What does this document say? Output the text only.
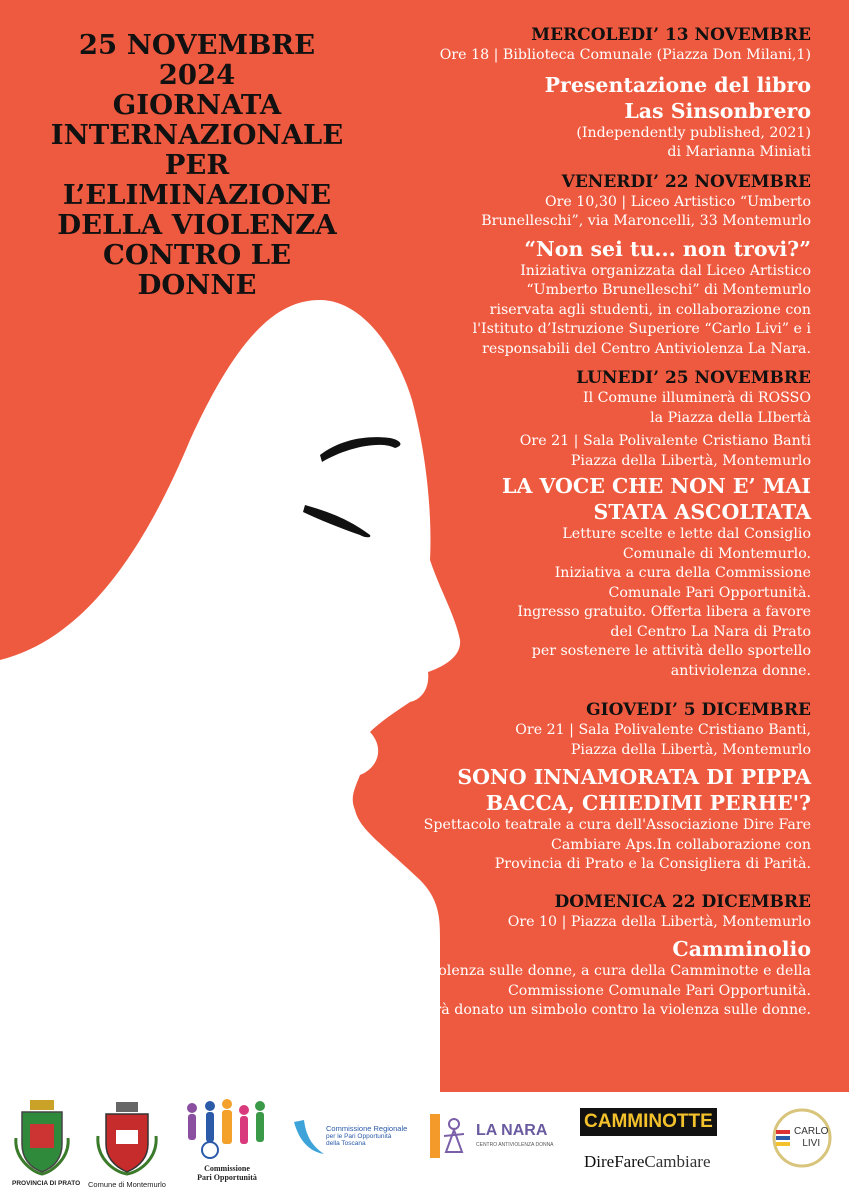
25 NOVEMBRE
2024
GIORNATA
INTERNAZIONALE
PER
L’ELIMINAZIONE
DELLA VIOLENZA
CONTRO LE
DONNE
MERCOLEDI’ 13 NOVEMBRE
Ore 18 | Biblioteca Comunale (Piazza Don Milani,1)
Presentazione del libro
Las Sinsonbrero
(Independently published, 2021)
di Marianna Miniati
VENERDI’ 22 NOVEMBRE
Ore 10,30 | Liceo Artistico “Umberto
Brunelleschi”, via Maroncelli, 33 Montemurlo
“Non sei tu... non trovi?”
Iniziativa organizzata dal Liceo Artistico
“Umberto Brunelleschi” di Montemurlo
riservata agli studenti, in collaborazione con
l'Istituto d’Istruzione Superiore “Carlo Livi” e i
responsabili del Centro Antiviolenza La Nara.
LUNEDI’ 25 NOVEMBRE
Il Comune illuminerà di ROSSO
la Piazza della LIbertà
Ore 21 | Sala Polivalente Cristiano Banti
Piazza della Libertà, Montemurlo
LA VOCE CHE NON E’ MAI
STATA ASCOLTATA
Letture scelte e lette dal Consiglio
Comunale di Montemurlo.
Iniziativa a cura della Commissione
Comunale Pari Opportunità.
Ingresso gratuito. Offerta libera a favore
del Centro La Nara di Prato
per sostenere le attività dello sportello
antiviolenza donne.
GIOVEDI’ 5 DICEMBRE
Ore 21 | Sala Polivalente Cristiano Banti,
Piazza della Libertà, Montemurlo
SONO INNAMORATA DI PIPPA
BACCA, CHIEDIMI PERHE'?
Spettacolo teatrale a cura dell'Associazione Dire Fare
Cambiare Aps.In collaborazione con
Provincia di Prato e la Consigliera di Parità.
DOMENICA 22 DICEMBRE
Ore 10 | Piazza della Libertà, Montemurlo
Camminolio
contro la violenza sulle donne, a cura della Camminotte e della
Commissione Comunale Pari Opportunità.
Ai partecipanti verrà donato un simbolo contro la violenza sulle donne.
PROVINCIA DI PRATO	Comune di Montemurlo
Commissione
Pari Opportunità
Commissione Regionale
per le Pari Opportunità
della Toscana
LA NARA
CENTRO ANTIVIOLENZA DONNA
CAMMINOTTE
DireFareCambiare
CARLO
LIVI
